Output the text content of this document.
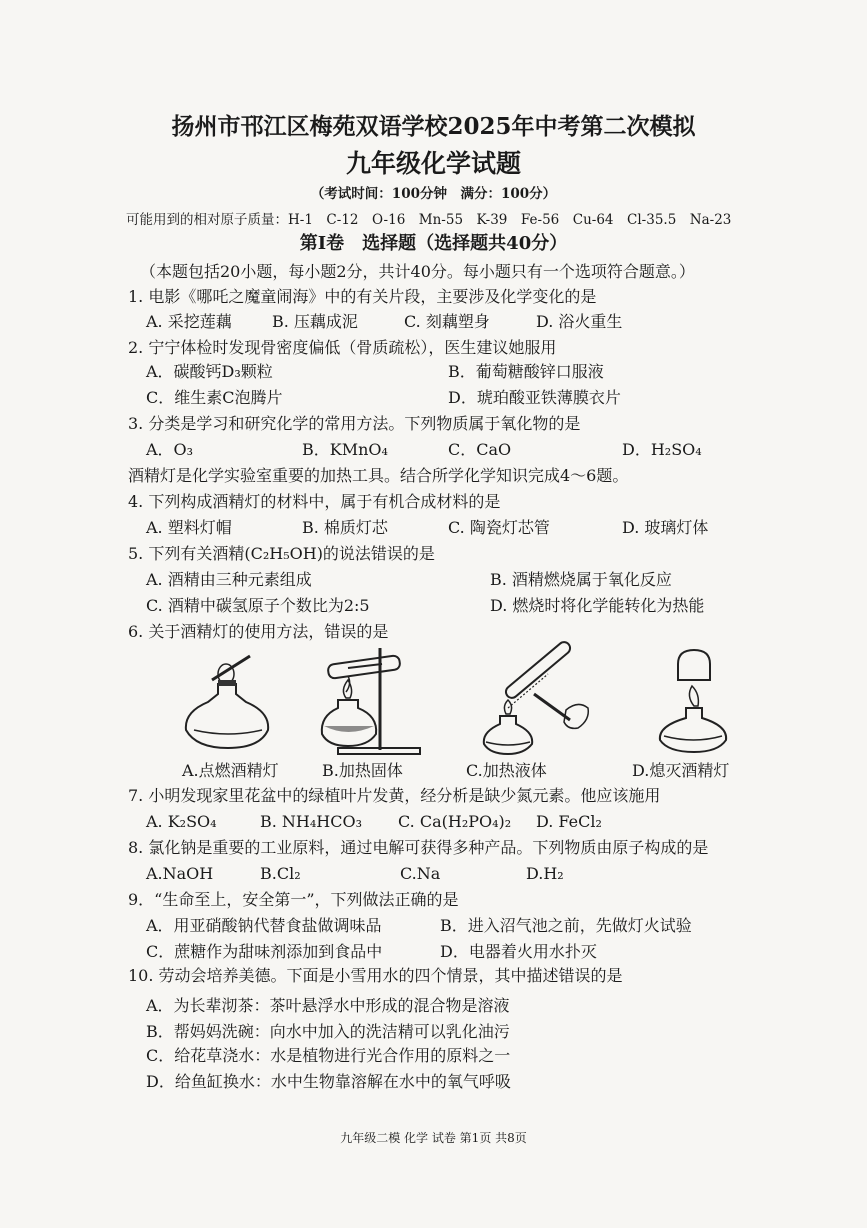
扬州市邗江区梅苑双语学校2025年中考第二次模拟
九年级化学试题
（考试时间：100分钟　满分：100分）
可能用到的相对原子质量：H-1　C-12　O-16　Mn-55　K-39　Fe-56　Cu-64　Cl-35.5　Na-23
第Ⅰ卷　选择题（选择题共40分）
（本题包括20小题，每小题2分，共计40分。每小题只有一个选项符合题意。）
1. 电影《哪吒之魔童闹海》中的有关片段，主要涉及化学变化的是
A. 采挖莲藕	B. 压藕成泥	C. 刻藕塑身	D. 浴火重生
2. 宁宁体检时发现骨密度偏低（骨质疏松），医生建议她服用
A．碳酸钙D₃颗粒	B．葡萄糖酸锌口服液
C．维生素C泡腾片	D．琥珀酸亚铁薄膜衣片
3. 分类是学习和研究化学的常用方法。下列物质属于氧化物的是
A．O₃	B．KMnO₄	C．CaO	D．H₂SO₄
酒精灯是化学实验室重要的加热工具。结合所学化学知识完成4～6题。
4. 下列构成酒精灯的材料中，属于有机合成材料的是
A. 塑料灯帽	B. 棉质灯芯	C. 陶瓷灯芯管	D. 玻璃灯体
5. 下列有关酒精(C₂H₅OH)的说法错误的是
A. 酒精由三种元素组成	B. 酒精燃烧属于氧化反应
C. 酒精中碳氢原子个数比为2:5	D. 燃烧时将化学能转化为热能
6. 关于酒精灯的使用方法，错误的是
A.点燃酒精灯	B.加热固体	C.加热液体	D.熄灭酒精灯
7. 小明发现家里花盆中的绿植叶片发黄，经分析是缺少氮元素。他应该施用
A. K₂SO₄	B. NH₄HCO₃ C. Ca(H₂PO₄)₂ D. FeCl₂
8. 氯化钠是重要的工业原料，通过电解可获得多种产品。下列物质由原子构成的是
A.NaOH	B.Cl₂	C.Na	D.H₂
9．“生命至上，安全第一”，下列做法正确的是
A．用亚硝酸钠代替食盐做调味品	B．进入沼气池之前，先做灯火试验
C．蔗糖作为甜味剂添加到食品中	D．电器着火用水扑灭
10. 劳动会培养美德。下面是小雪用水的四个情景，其中描述错误的是
A．为长辈沏茶：茶叶悬浮水中形成的混合物是溶液
B．帮妈妈洗碗：向水中加入的洗洁精可以乳化油污
C．给花草浇水：水是植物进行光合作用的原料之一
D．给鱼缸换水：水中生物靠溶解在水中的氧气呼吸
九年级二模 化学 试卷 第1页 共8页
